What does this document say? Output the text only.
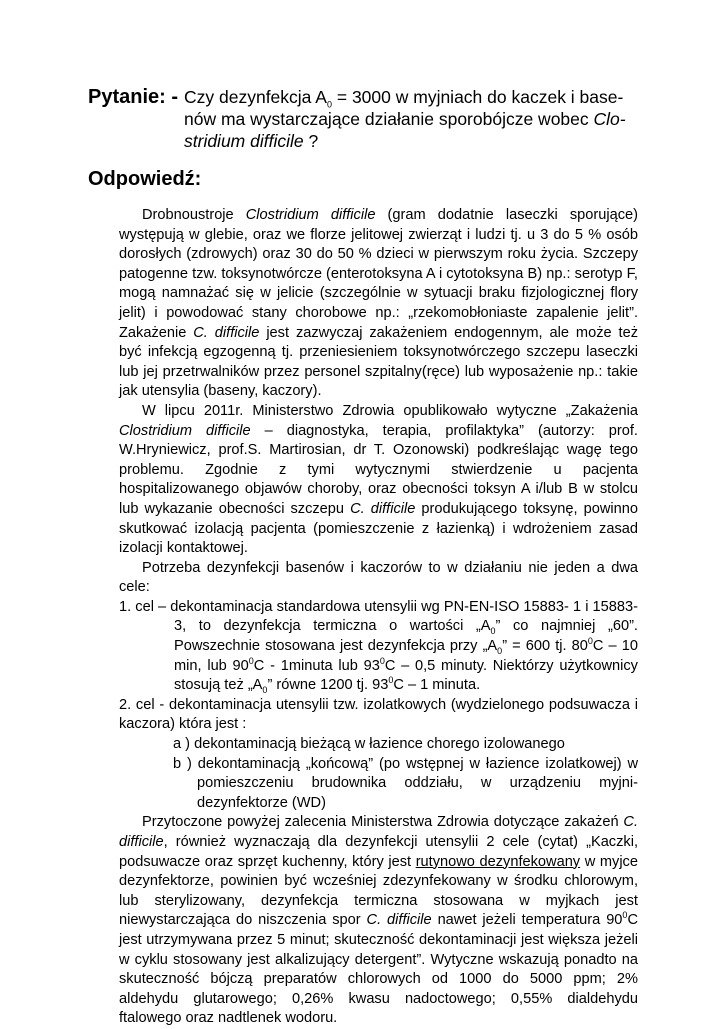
Pytanie: - Czy dezynfekcja $A_0 = 3000$ w myjniach do kaczek i base-
nów ma wystarczające działanie sporobójcze wobec Clo-
stridium difficile ?
Odpowiedź:

Drobnoustroje Clostridium difficile (gram dodatnie laseczki sporujące) występują w glebie, oraz we florze jelitowej zwierząt i ludzi tj. u 3 do 5 % osób dorosłych (zdrowych) oraz 30 do 50 % dzieci w pierwszym roku życia. Szczepy patogenne tzw. toksynotwórcze (enterotoksyna A i cytotoksyna B) np.: serotyp F, mogą namnażać się w jelicie (szczególnie w sytuacji braku fizjologicznej flory jelit) i powodować stany chorobowe np.: „rzekomobłoniaste zapalenie jelit”. Zakażenie C. difficile jest zazwyczaj zakażeniem endogennym, ale może też być infekcją egzogenną tj. przeniesieniem toksynotwórczego szczepu laseczki lub jej przetrwalników przez personel szpitalny(ręce) lub wyposażenie np.: takie jak utensylia (baseny, kaczory).

W lipcu 2011r. Ministerstwo Zdrowia opublikowało wytyczne „Zakażenia Clostridium difficile – diagnostyka, terapia, profilaktyka” (autorzy: prof. W.Hryniewicz, prof.S. Martirosian, dr T. Ozonowski) podkreślając wagę tego problemu. Zgodnie z tymi wytycznymi stwierdzenie u pacjenta hospitalizowanego objawów choroby, oraz obecności toksyn A i/lub B w stolcu lub wykazanie obecności szczepu C. difficile produkującego toksynę, powinno skutkować izolacją pacjenta (pomieszczenie z łazienką) i wdrożeniem zasad izolacji kontaktowej.

Potrzeba dezynfekcji basenów i kaczorów to w działaniu nie jeden a dwa cele:

1. cel – dekontaminacja standardowa utensylii wg PN-EN-ISO 15883- 1 i 15883-3, to dezynfekcja termiczna o wartości $„A_0$” co najmniej „60”. Powszechnie stosowana jest dezynfekcja przy $„A_0$” = 600 tj. $80^0C - 10$ min, lub $90^0C$ - 1minuta lub $93^0C - 0,5$ minuty. Niektórzy użytkownicy stosują też $„A_0$” równe 1200 tj. $93^0C - 1$ minuta.

2. cel - dekontaminacja utensylii tzw. izolatkowych (wydzielonego podsuwacza i kaczora) która jest :

a ) dekontaminacją bieżącą w łazience chorego izolowanego

b ) dekontaminacją „końcową” (po wstępnej w łazience izolatkowej) w pomieszczeniu brudownika oddziału, w urządzeniu myjni-dezynfektorze (WD)

Przytoczone powyżej zalecenia Ministerstwa Zdrowia dotyczące zakażeń C. difficile, również wyznaczają dla dezynfekcji utensylii 2 cele (cytat) „Kaczki, podsuwacze oraz sprzęt kuchenny, który jest rutynowo dezynfekowany w myjce dezynfektorze, powinien być wcześniej zdezynfekowany w środku chlorowym, lub sterylizowany, dezynfekcja termiczna stosowana w myjkach jest niewystarczająca do niszczenia spor C. difficile nawet jeżeli temperatura $90^0C$ jest utrzymywana przez 5 minut; skuteczność dekontaminacji jest większa jeżeli w cyklu stosowany jest alkalizujący detergent”. Wytyczne wskazują ponadto na skuteczność bójczą preparatów chlorowych od 1000 do 5000 ppm; 2% aldehydu glutarowego; 0,26% kwasu nadoctowego; 0,55% dialdehydu ftalowego oraz nadtlenek wodoru.
